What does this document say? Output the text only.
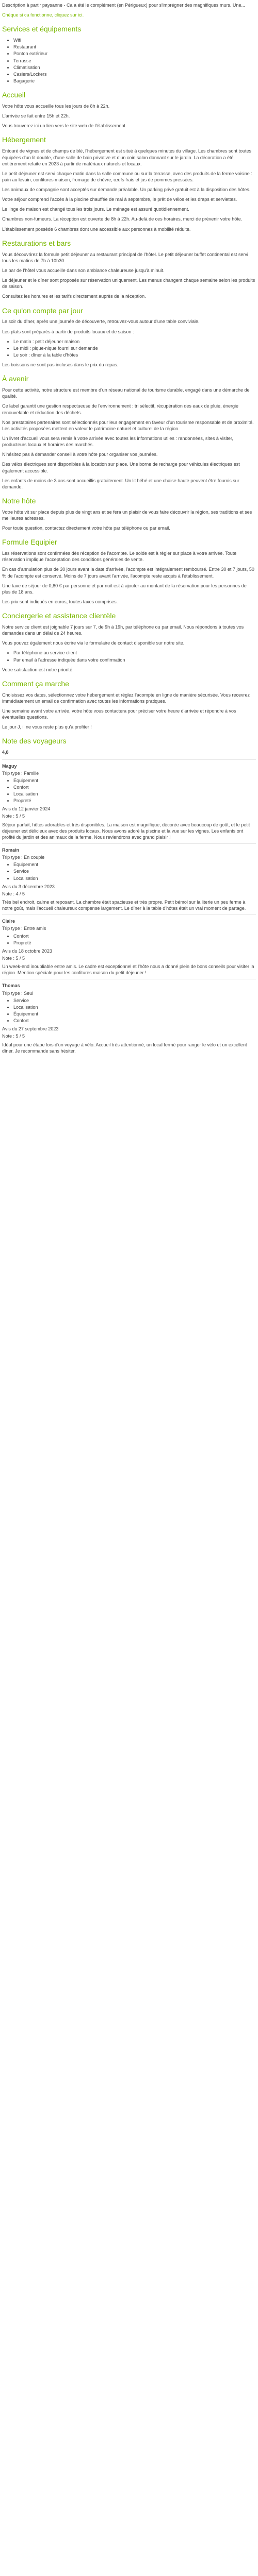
Description à partir paysanne - Ca a été le complément (en Périgueux) pour s'imprégner des magnifiques murs. Une...

Chèque si ca fonctionne, cliquez sur ici.

Services et équipements
• Wifi
• Restaurant
• Ponton extérieur
• Terrasse
• Climatisation
• Casiers/Lockers
• Bagagerie
Accueil

Votre hôte vous accueille tous les jours de 8h à 22h.

L'arrivée se fait entre 15h et 22h.

Vous trouverez ici un lien vers le site web de l'établissement.

Hébergement

Entouré de vignes et de champs de blé, l'hébergement est situé à quelques minutes du village. Les chambres sont toutes équipées d'un lit double, d'une salle de bain privative et d'un coin salon donnant sur le jardin. La décoration a été entièrement refaite en 2023 à partir de matériaux naturels et locaux.

Le petit déjeuner est servi chaque matin dans la salle commune ou sur la terrasse, avec des produits de la ferme voisine : pain au levain, confitures maison, fromage de chèvre, œufs frais et jus de pommes pressées.

Les animaux de compagnie sont acceptés sur demande préalable. Un parking privé gratuit est à la disposition des hôtes.

Votre séjour comprend l'accès à la piscine chauffée de mai à septembre, le prêt de vélos et les draps et serviettes.

Le linge de maison est changé tous les trois jours. Le ménage est assuré quotidiennement.

Chambres non-fumeurs. La réception est ouverte de 8h à 22h. Au-delà de ces horaires, merci de prévenir votre hôte.

L'établissement possède 6 chambres dont une accessible aux personnes à mobilité réduite.

Restaurations et bars

Vous découvrirez la formule petit déjeuner au restaurant principal de l'hôtel. Le petit déjeuner buffet continental est servi tous les matins de 7h à 10h30.

Le bar de l'hôtel vous accueille dans son ambiance chaleureuse jusqu'à minuit.

Le déjeuner et le dîner sont proposés sur réservation uniquement. Les menus changent chaque semaine selon les produits de saison.

Consultez les horaires et les tarifs directement auprès de la réception.

Ce qu'on compte par jour

Le soir du dîner, après une journée de découverte, retrouvez-vous autour d'une table conviviale.

Les plats sont préparés à partir de produits locaux et de saison :

• Le matin : petit déjeuner maison
• Le midi : pique-nique fourni sur demande
• Le soir : dîner à la table d'hôtes

Les boissons ne sont pas incluses dans le prix du repas.

À avenir

Pour cette activité, notre structure est membre d'un réseau national de tourisme durable, engagé dans une démarche de qualité.

Ce label garantit une gestion respectueuse de l'environnement : tri sélectif, récupération des eaux de pluie, énergie renouvelable et réduction des déchets.

Nos prestataires partenaires sont sélectionnés pour leur engagement en faveur d'un tourisme responsable et de proximité. Les activités proposées mettent en valeur le patrimoine naturel et culturel de la région.

Un livret d'accueil vous sera remis à votre arrivée avec toutes les informations utiles : randonnées, sites à visiter, producteurs locaux et horaires des marchés.

N'hésitez pas à demander conseil à votre hôte pour organiser vos journées.

Des vélos électriques sont disponibles à la location sur place. Une borne de recharge pour véhicules électriques est également accessible.

Les enfants de moins de 3 ans sont accueillis gratuitement. Un lit bébé et une chaise haute peuvent être fournis sur demande.

Notre hôte

Votre hôte vit sur place depuis plus de vingt ans et se fera un plaisir de vous faire découvrir la région, ses traditions et ses meilleures adresses.

Pour toute question, contactez directement votre hôte par téléphone ou par email.

Formule Equipier

Les réservations sont confirmées dès réception de l'acompte. Le solde est à régler sur place à votre arrivée. Toute réservation implique l'acceptation des conditions générales de vente.

En cas d'annulation plus de 30 jours avant la date d'arrivée, l'acompte est intégralement remboursé. Entre 30 et 7 jours, 50 % de l'acompte est conservé. Moins de 7 jours avant l'arrivée, l'acompte reste acquis à l'établissement.

Une taxe de séjour de 0,80 € par personne et par nuit est à ajouter au montant de la réservation pour les personnes de plus de 18 ans.

Les prix sont indiqués en euros, toutes taxes comprises.

Conciergerie et assistance clientèle

Notre service client est joignable 7 jours sur 7, de 9h à 19h, par téléphone ou par email. Nous répondons à toutes vos demandes dans un délai de 24 heures.

Vous pouvez également nous écrire via le formulaire de contact disponible sur notre site.

• Par téléphone au service client
• Par email à l'adresse indiquée dans votre confirmation

Votre satisfaction est notre priorité.

Comment ça marche

Choisissez vos dates, sélectionnez votre hébergement et réglez l'acompte en ligne de manière sécurisée. Vous recevrez immédiatement un email de confirmation avec toutes les informations pratiques.

Une semaine avant votre arrivée, votre hôte vous contactera pour préciser votre heure d'arrivée et répondre à vos éventuelles questions.

Le jour J, il ne vous reste plus qu'à profiter !

Note des voyageurs

4,8

Maguy

Trip type : Famille

• Équipement
• Confort
• Localisation
• Propreté

Avis du 12 janvier 2024

Note : 5 / 5

Séjour parfait, hôtes adorables et très disponibles. La maison est magnifique, décorée avec beaucoup de goût, et le petit déjeuner est délicieux avec des produits locaux. Nous avons adoré la piscine et la vue sur les vignes. Les enfants ont profité du jardin et des animaux de la ferme. Nous reviendrons avec grand plaisir !

Romain

Trip type : En couple

• Équipement
• Service
• Localisation

Avis du 3 décembre 2023

Note : 4 / 5

Très bel endroit, calme et reposant. La chambre était spacieuse et très propre. Petit bémol sur la literie un peu ferme à notre goût, mais l'accueil chaleureux compense largement. Le dîner à la table d'hôtes était un vrai moment de partage.

Claire

Trip type : Entre amis

• Confort
• Propreté

Avis du 18 octobre 2023

Note : 5 / 5

Un week-end inoubliable entre amis. Le cadre est exceptionnel et l'hôte nous a donné plein de bons conseils pour visiter la région. Mention spéciale pour les confitures maison du petit déjeuner !

Thomas

Trip type : Seul

• Service
• Localisation
• Équipement
• Confort

Avis du 27 septembre 2023

Note : 5 / 5

Idéal pour une étape lors d'un voyage à vélo. Accueil très attentionné, un local fermé pour ranger le vélo et un excellent dîner. Je recommande sans hésiter.
